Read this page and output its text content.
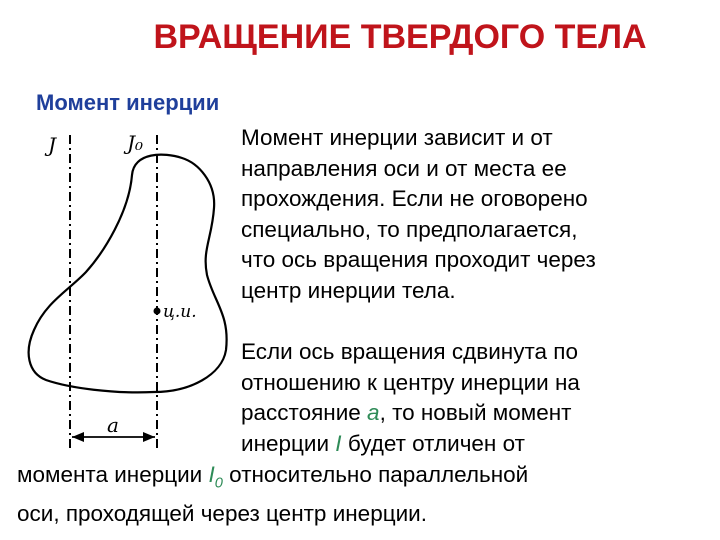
ВРАЩЕНИЕ ТВЕРДОГО ТЕЛА
Момент инерции
J	J₀
ц.и.
a
Момент инерции зависит и от
направления оси и от места ее
прохождения. Если не оговорено
специально, то предполагается,
что ось вращения проходит через
центр инерции тела.
Если ось вращения сдвинута по
отношению к центру инерции на
расстояние a, то новый момент
инерции I будет отличен от
момента инерции $I_0$ относительно параллельной
оси, проходящей через центр инерции.
